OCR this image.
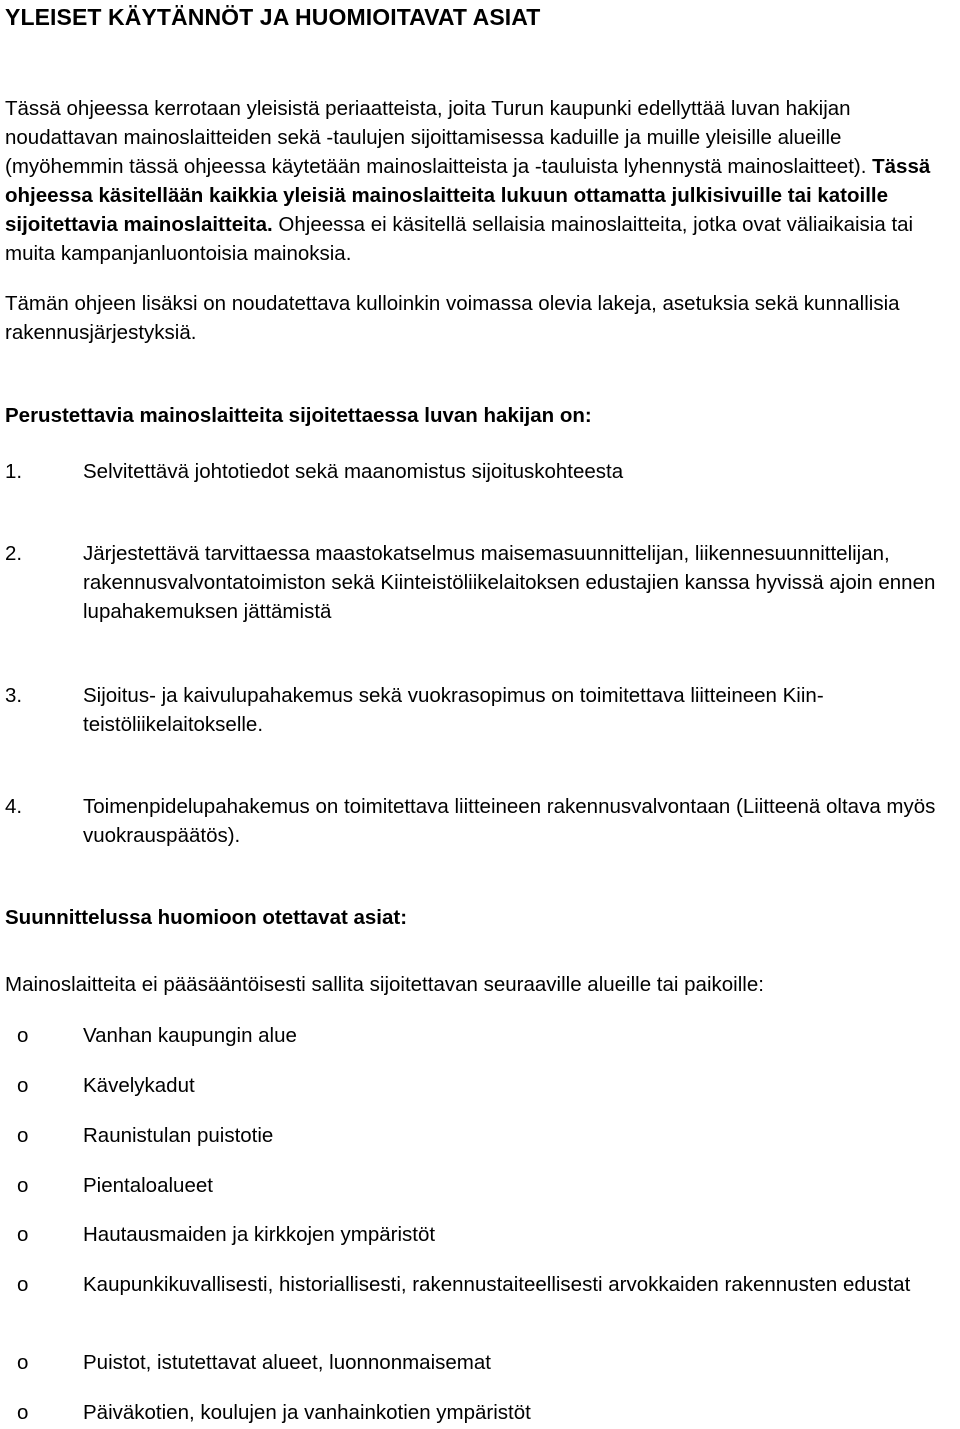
YLEISET KÄYTÄNNÖT JA HUOMIOITAVAT ASIAT

Tässä ohjeessa kerrotaan yleisistä periaatteista, joita Turun kaupunki edellyttää luvan hakijan noudattavan mainoslaitteiden sekä -taulujen sijoittamisessa kaduille ja muille yleisille alueille (myöhemmin tässä ohjeessa käytetään mainoslaitteista ja -tauluista lyhennystä mainoslaitteet). Tässä ohjeessa käsitellään kaikkia yleisiä mainoslaitteita lukuun ottamatta julkisivuille tai katoille sijoitettavia mainoslaitteita. Ohjeessa ei käsitellä sellaisia mainoslaitteita, jotka ovat väliaikaisia tai muita kampanjanluontoisia mainoksia.

Tämän ohjeen lisäksi on noudatettava kulloinkin voimassa olevia lakeja, asetuksia sekä kunnallisia rakennusjärjestyksiä.

Perustettavia mainoslaitteita sijoitettaessa luvan hakijan on:
1.	Selvitettävä johtotiedot sekä maanomistus sijoituskohteesta
2.	Järjestettävä tarvittaessa maastokatselmus maisemasuunnittelijan, liikennesuunnittelijan, rakennusvalvontatoimiston sekä Kiinteistöliikelaitoksen edustajien kanssa hyvissä ajoin ennen lupahakemuksen jättämistä
3.	Sijoitus- ja kaivulupahakemus sekä vuokrasopimus on toimitettava liitteineen Kiinteistöliikelaitokselle.
4.	Toimenpidelupahakemus on toimitettava liitteineen rakennusvalvontaan (Liitteenä oltava myös vuokrauspäätös).
Suunnittelussa huomioon otettavat asiat:

Mainoslaitteita ei pääsääntöisesti sallita sijoitettavan seuraaville alueille tai paikoille:

o	Vanhan kaupungin alue
o	Kävelykadut
o	Raunistulan puistotie
o	Pientaloalueet
o	Hautausmaiden ja kirkkojen ympäristöt
o	Kaupunkikuvallisesti, historiallisesti, rakennustaiteellisesti arvokkaiden rakennusten edustat
o	Puistot, istutettavat alueet, luonnonmaisemat
o	Päiväkotien, koulujen ja vanhainkotien ympäristöt
